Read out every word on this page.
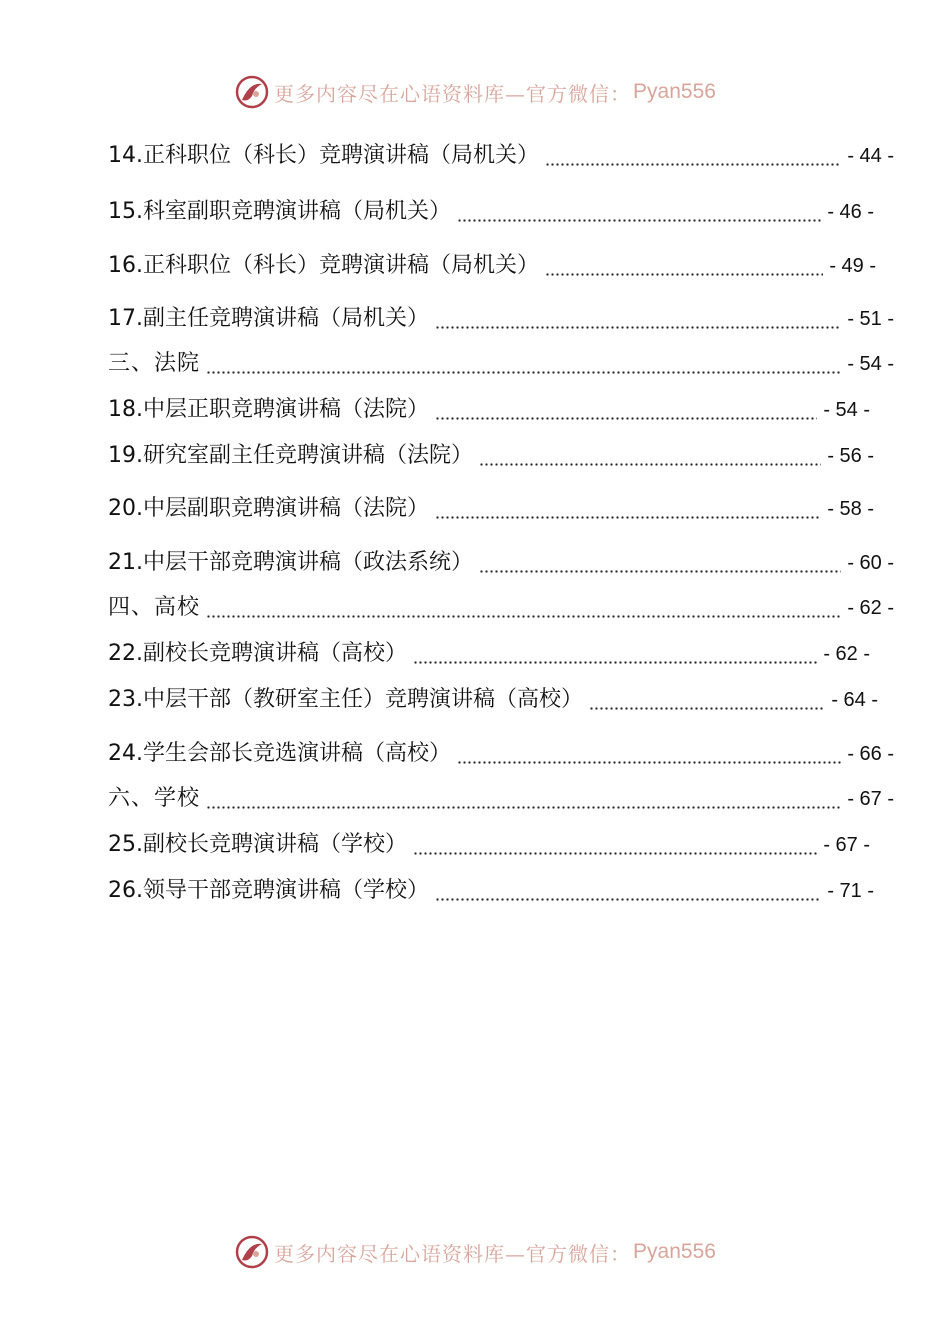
更多内容尽在心语资料库—官方微信： Pyan556
14.正科职位（科长）竞聘演讲稿（局机关）	- 44 -
15.科室副职竞聘演讲稿（局机关）	- 46 -
16.正科职位（科长）竞聘演讲稿（局机关）	- 49 -
17.副主任竞聘演讲稿（局机关）	- 51 -
三、法院	- 54 -
18.中层正职竞聘演讲稿（法院）	- 54 -
19.研究室副主任竞聘演讲稿（法院）	- 56 -
20.中层副职竞聘演讲稿（法院）	- 58 -
21.中层干部竞聘演讲稿（政法系统）	- 60 -
四、高校	- 62 -
22.副校长竞聘演讲稿（高校）	- 62 -
23.中层干部（教研室主任）竞聘演讲稿（高校）	- 64 -
24.学生会部长竞选演讲稿（高校）	- 66 -
六、学校	- 67 -
25.副校长竞聘演讲稿（学校）	- 67 -
26.领导干部竞聘演讲稿（学校）	- 71 -
更多内容尽在心语资料库—官方微信： Pyan556
